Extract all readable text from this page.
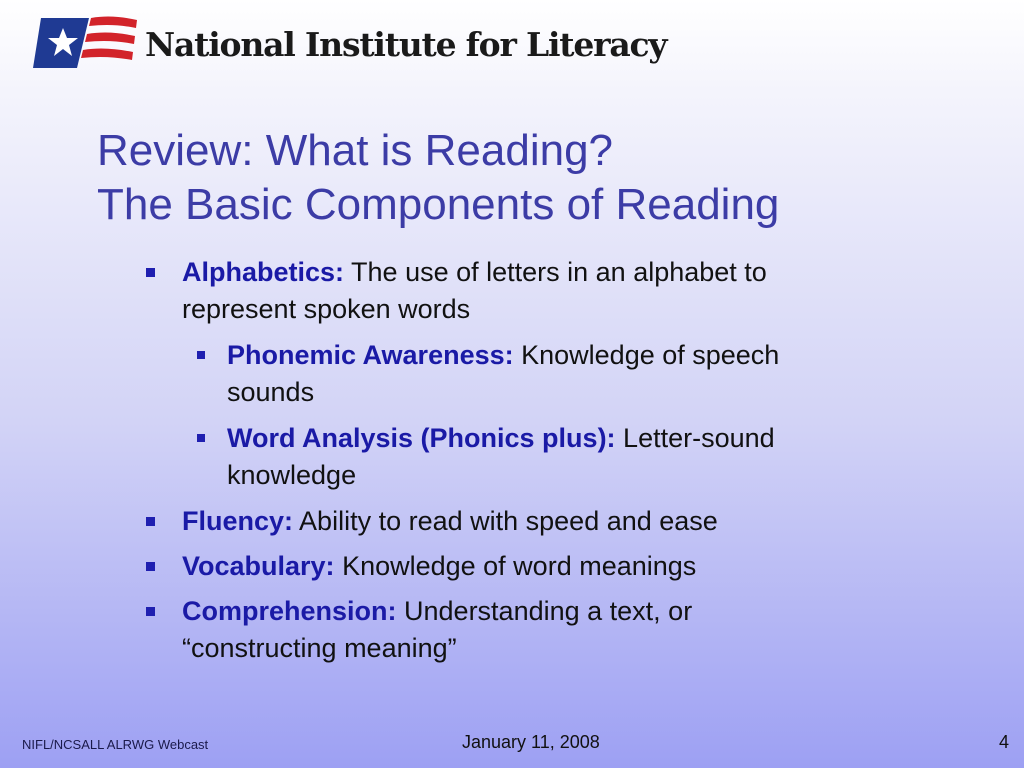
National Institute for Literacy
Review: What is Reading?
The Basic Components of Reading
Alphabetics: The use of letters in an alphabet to
represent spoken words
Phonemic Awareness: Knowledge of speech
sounds
Word Analysis (Phonics plus): Letter-sound
knowledge
Fluency: Ability to read with speed and ease
Vocabulary: Knowledge of word meanings
Comprehension: Understanding a text, or
“constructing meaning”
NIFL/NCSALL ALRWG Webcast	January 11, 2008	4
